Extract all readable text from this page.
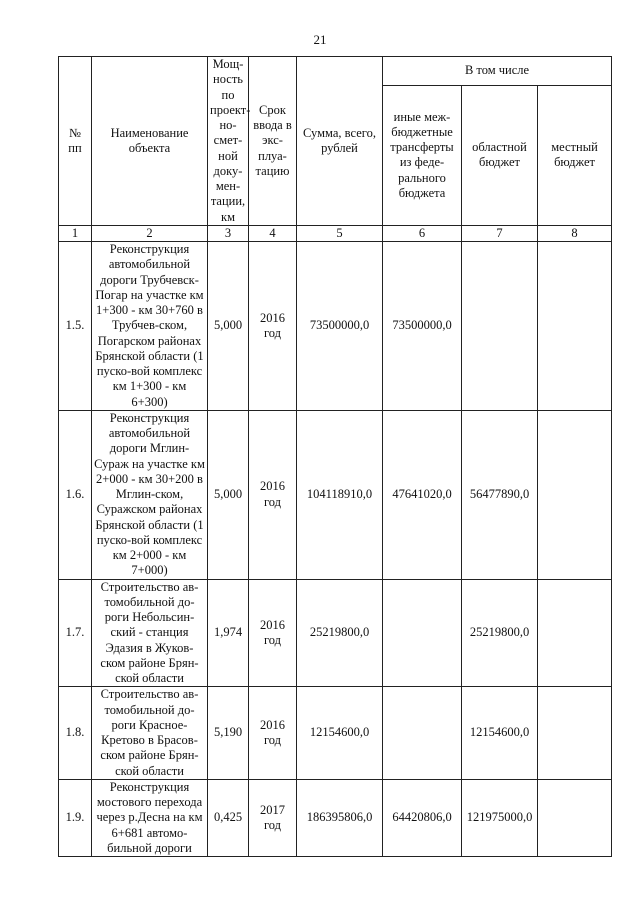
21
№ пп	Наименование объекта	Мощ-ность по проект-но-смет-ной доку-мен-тации, км	Срок ввода в экс-плуа-тацию	Сумма, всего, рублей	В том числе		
					иные меж-бюджетные трансферты из феде-рального бюджета	областной бюджет	местный бюджет
1	2	3	4	5	6	7	8
1.5.	Реконструкция автомобильной дороги Трубчевск-Погар на участке км 1+300 - км 30+760 в Трубчев-ском, Погарском районах Брянской области (1 пуско-вой комплекс км 1+300 - км 6+300)	5,000	2016 год	73500000,0	73500000,0		
1.6.	Реконструкция автомобильной дороги Мглин-Сураж на участке км 2+000 - км 30+200 в Мглин-ском, Суражском районах Брянской области (1 пуско-вой комплекс км 2+000 - км 7+000)	5,000	2016 год	104118910,0	47641020,0	56477890,0	
1.7.	Строительство ав-томобильной до-роги Небольсин-ский - станция Эдазия в Жуков-ском районе Брян-ской области	1,974	2016 год	25219800,0		25219800,0	
1.8.	Строительство ав-томобильной до-роги Красное-Кретово в Брасов-ском районе Брян-ской области	5,190	2016 год	12154600,0		12154600,0	
1.9.	Реконструкция мостового перехода через р.Десна на км 6+681 автомо-бильной дороги	0,425	2017 год	186395806,0	64420806,0	121975000,0	
